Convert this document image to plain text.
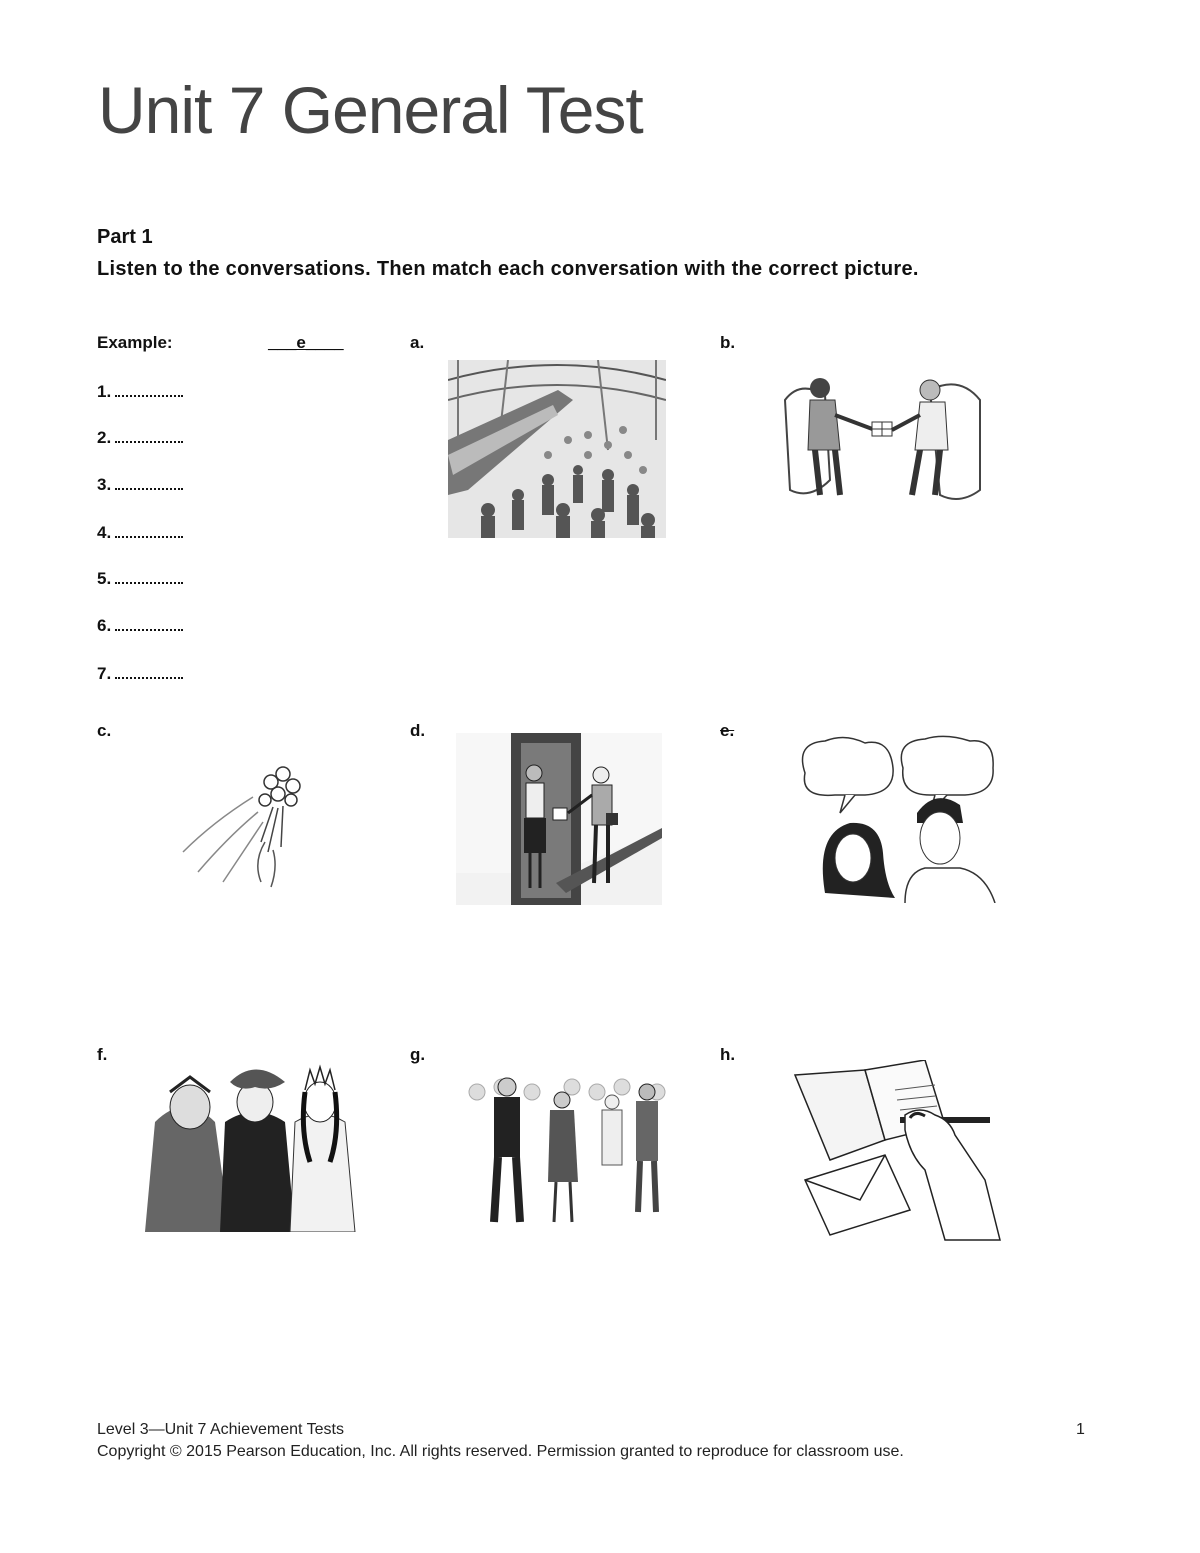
Unit 7 General Test
Part 1
Listen to the conversations. Then match each conversation with the correct picture.
Example:	___e____
1.
2.
3.
4.
5.
6.
7.
a.	b.
c.	d.	e.
f.	g.	h.
Level 3—Unit 7 Achievement Tests	1
Copyright © 2015 Pearson Education, Inc. All rights reserved. Permission granted to reproduce for classroom use.
